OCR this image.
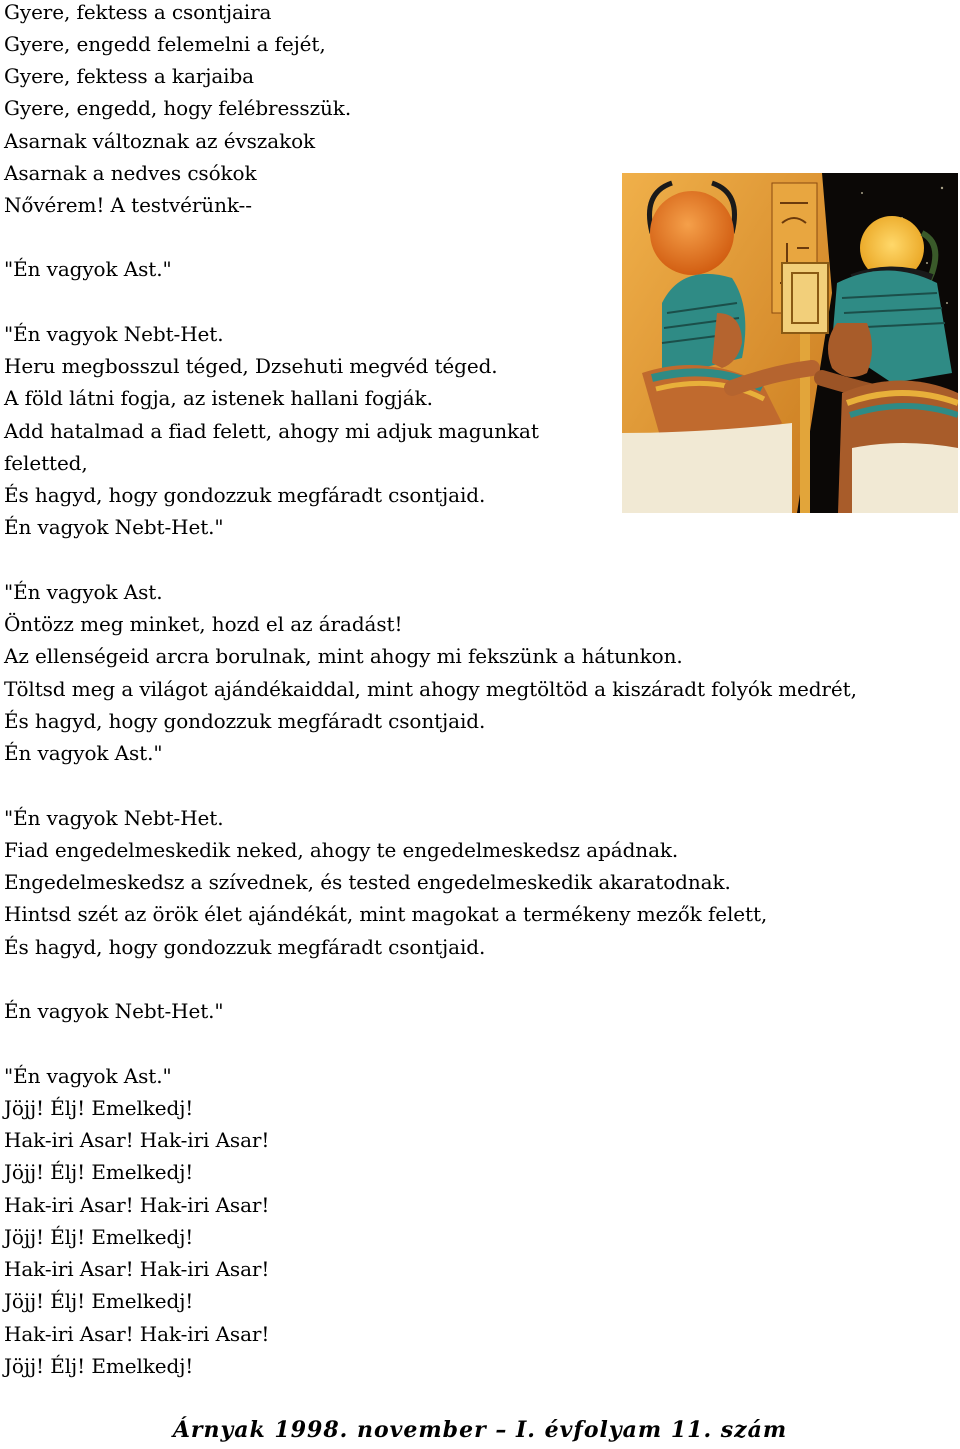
Gyere, fektess a csontjaira
Gyere, engedd felemelni a fejét,
Gyere, fektess a karjaiba
Gyere, engedd, hogy felébresszük.
Asarnak változnak az évszakok
Asarnak a nedves csókok
Nővérem! A testvérünk--
"Én vagyok Ast."
"Én vagyok Nebt-Het.
Heru megbosszul téged, Dzsehuti megvéd téged.
A föld látni fogja, az istenek hallani fogják.
Add hatalmad a fiad felett, ahogy mi adjuk magunkat
feletted,
És hagyd, hogy gondozzuk megfáradt csontjaid.
Én vagyok Nebt-Het."
"Én vagyok Ast.
Öntözz meg minket, hozd el az áradást!
Az ellenségeid arcra borulnak, mint ahogy mi fekszünk a hátunkon.
Töltsd meg a világot ajándékaiddal, mint ahogy megtöltöd a kiszáradt folyók medrét,
És hagyd, hogy gondozzuk megfáradt csontjaid.
Én vagyok Ast."
"Én vagyok Nebt-Het.
Fiad engedelmeskedik neked, ahogy te engedelmeskedsz apádnak.
Engedelmeskedsz a szívednek, és tested engedelmeskedik akaratodnak.
Hintsd szét az örök élet ajándékát, mint magokat a termékeny mezők felett,
És hagyd, hogy gondozzuk megfáradt csontjaid.
Én vagyok Nebt-Het."
"Én vagyok Ast."
Jöjj! Élj! Emelkedj!
Hak-iri Asar! Hak-iri Asar!
Jöjj! Élj! Emelkedj!
Hak-iri Asar! Hak-iri Asar!
Jöjj! Élj! Emelkedj!
Hak-iri Asar! Hak-iri Asar!
Jöjj! Élj! Emelkedj!
Hak-iri Asar! Hak-iri Asar!
Jöjj! Élj! Emelkedj!
Árnyak 1998. november – I. évfolyam 11. szám
